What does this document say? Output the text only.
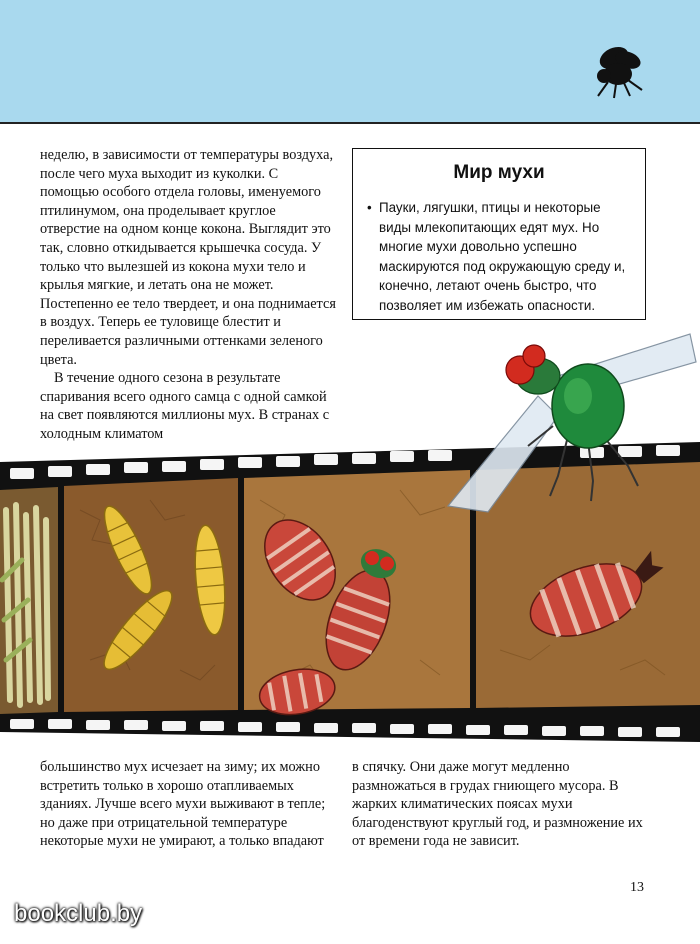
неделю, в зависимости от температуры воздуха, после чего муха выходит из куколки. С помощью особого отдела головы, именуемого птилинумом, она проделывает круглое отверстие на одном конце кокона. Выглядит это так, словно откидывается крышечка сосуда. У только что вылезшей из кокона мухи тело и крылья мягкие, и летать она не может. Постепенно ее тело твердеет, и она поднимается в воздух. Теперь ее туловище блестит и переливается различными оттенками зеленого цвета.

В течение одного сезона в результате спаривания всего одного самца с одной самкой на свет появляются миллионы мух. В странах с холодным климатом

Мир мухи
• Пауки, лягушки, птицы и некоторые виды млекопитающих едят мух. Но многие мухи довольно успешно маскируются под окружающую среду и, конечно, летают очень быстро, что позволяет им избежать опасности.
большинство мух исчезает на зиму; их можно встретить только в хорошо отапливаемых зданиях. Лучше всего мухи выживают в тепле; но даже при отрицательной температуре некоторые мухи не умирают, а только впадают
в спячку. Они даже могут медленно размножаться в грудах гниющего мусора. В жарких климатических поясах мухи благоденствуют круглый год, и размножение их от времени года не зависит.
13
bookclub.by
